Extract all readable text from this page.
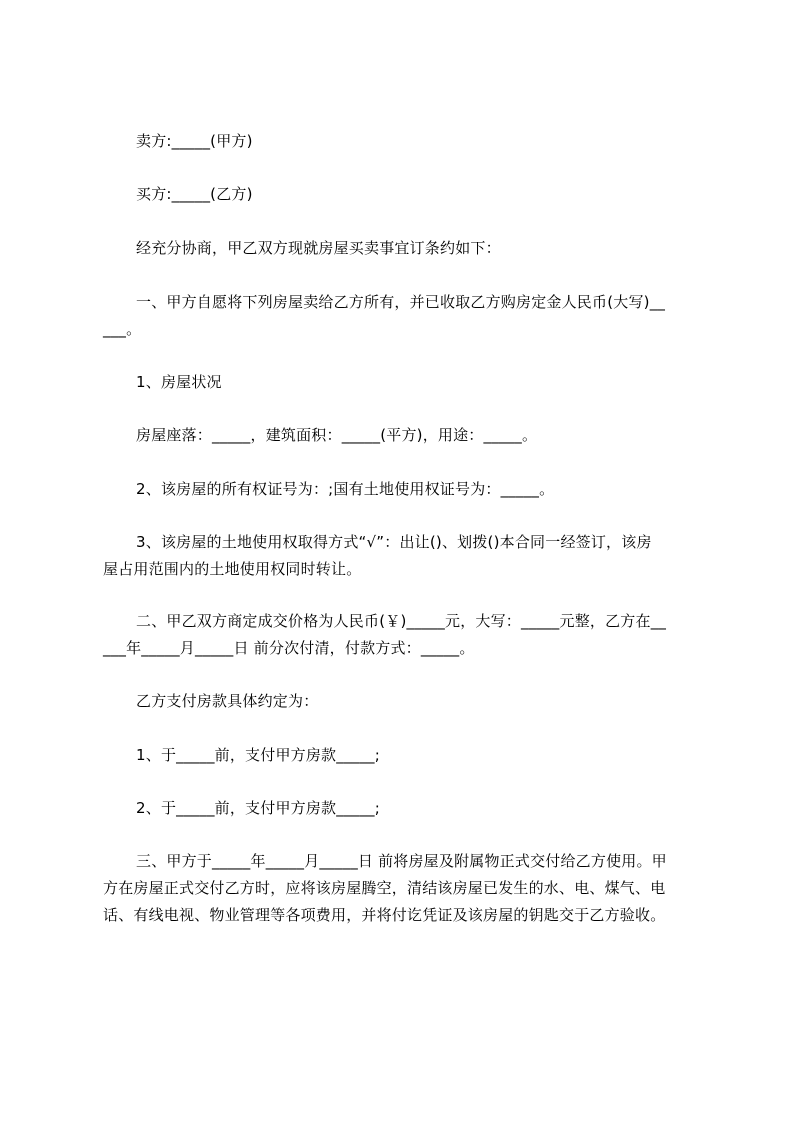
卖方:_____(甲方)
买方:_____(乙方)
经充分协商，甲乙双方现就房屋买卖事宜订条约如下：
一、甲方自愿将下列房屋卖给乙方所有，并已收取乙方购房定金人民币(大写)__
___。
1、房屋状况
房屋座落：_____，建筑面积：_____(平方)，用途：_____。
2、该房屋的所有权证号为：;国有土地使用权证号为：_____。
3、该房屋的土地使用权取得方式“√”：出让()、划拨()本合同一经签订，该房
屋占用范围内的土地使用权同时转让。
二、甲乙双方商定成交价格为人民币(￥)_____元，大写：_____元整，乙方在__
___年_____月_____日 前分次付清，付款方式：_____。
乙方支付房款具体约定为：
1、于_____前，支付甲方房款_____;
2、于_____前，支付甲方房款_____;
三、甲方于_____年_____月_____日 前将房屋及附属物正式交付给乙方使用。甲
方在房屋正式交付乙方时，应将该房屋腾空，清结该房屋已发生的水、电、煤气、电
话、有线电视、物业管理等各项费用，并将付讫凭证及该房屋的钥匙交于乙方验收。
